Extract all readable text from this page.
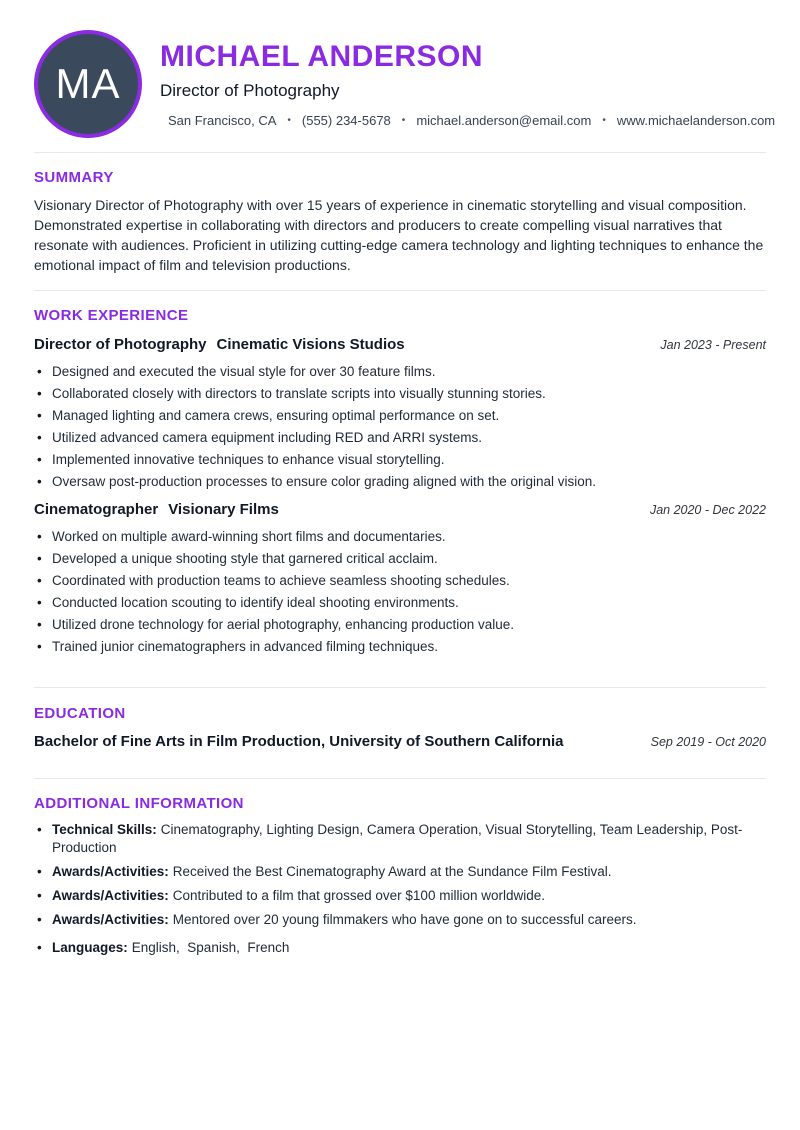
MA
MICHAEL ANDERSON
Director of Photography
San Francisco, CA • (555) 234-5678 • michael.anderson@email.com • www.michaelanderson.com
SUMMARY

Visionary Director of Photography with over 15 years of experience in cinematic storytelling and visual composition. Demonstrated expertise in collaborating with directors and producers to create compelling visual narratives that resonate with audiences. Proficient in utilizing cutting-edge camera technology and lighting techniques to enhance the emotional impact of film and television productions.

WORK EXPERIENCE
Director of Photography Cinematic Visions Studios	Jan 2023 - Present
• Designed and executed the visual style for over 30 feature films.
• Collaborated closely with directors to translate scripts into visually stunning stories.
• Managed lighting and camera crews, ensuring optimal performance on set.
• Utilized advanced camera equipment including RED and ARRI systems.
• Implemented innovative techniques to enhance visual storytelling.
• Oversaw post-production processes to ensure color grading aligned with the original vision.
Cinematographer Visionary Films	Jan 2020 - Dec 2022
• Worked on multiple award-winning short films and documentaries.
• Developed a unique shooting style that garnered critical acclaim.
• Coordinated with production teams to achieve seamless shooting schedules.
• Conducted location scouting to identify ideal shooting environments.
• Utilized drone technology for aerial photography, enhancing production value.
• Trained junior cinematographers in advanced filming techniques.
EDUCATION
Bachelor of Fine Arts in Film Production, University of Southern California	Sep 2019 - Oct 2020
ADDITIONAL INFORMATION
• Technical Skills: Cinematography, Lighting Design, Camera Operation, Visual Storytelling, Team Leadership, Post-Production
• Awards/Activities: Received the Best Cinematography Award at the Sundance Film Festival.
• Awards/Activities: Contributed to a film that grossed over $100 million worldwide.
• Awards/Activities: Mentored over 20 young filmmakers who have gone on to successful careers.
• Languages: English,  Spanish,  French
